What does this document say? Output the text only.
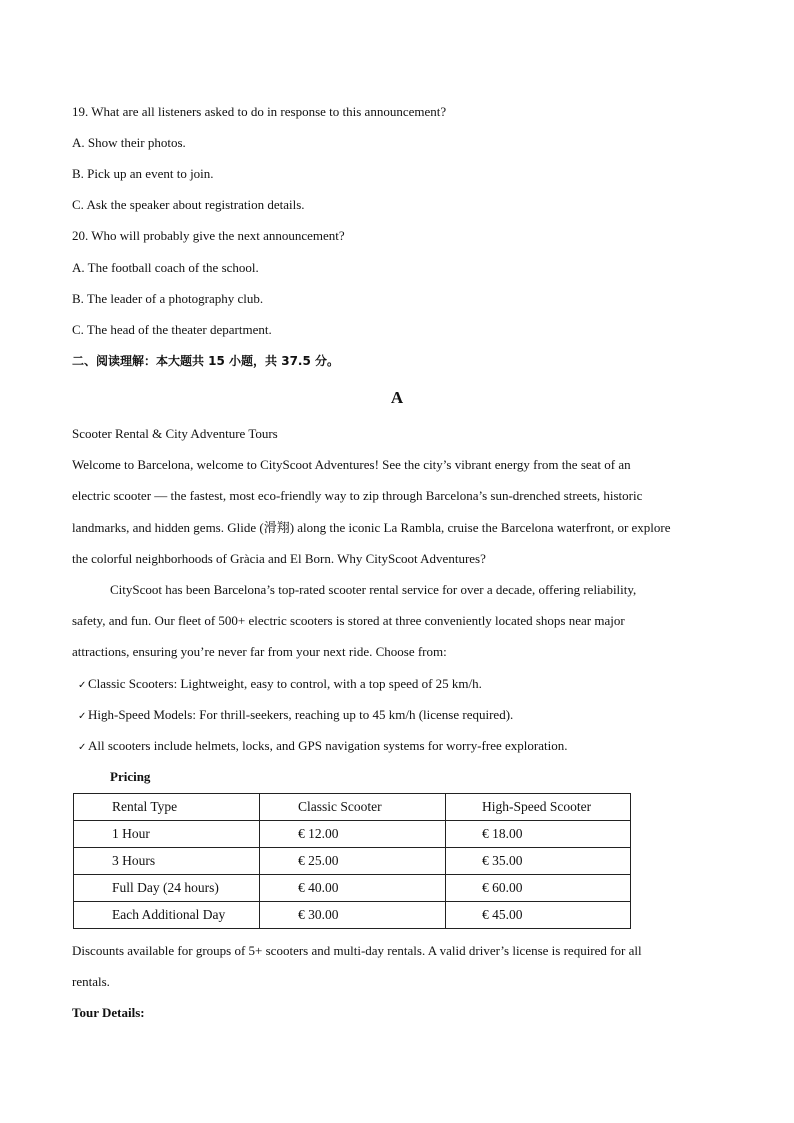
19. What are all listeners asked to do in response to this announcement?
A. Show their photos.
B. Pick up an event to join.
C. Ask the speaker about registration details.
20. Who will probably give the next announcement?
A. The football coach of the school.
B. The leader of a photography club.
C. The head of the theater department.
二、阅读理解：本大题共 15 小题，共 37.5 分。
A
Scooter Rental & City Adventure Tours
Welcome to Barcelona, welcome to CityScoot Adventures! See the city’s vibrant energy from the seat of an
electric scooter — the fastest, most eco-friendly way to zip through Barcelona’s sun-drenched streets, historic
landmarks, and hidden gems. Glide (滑翔) along the iconic La Rambla, cruise the Barcelona waterfront, or explore
the colorful neighborhoods of Gràcia and El Born. Why CityScoot Adventures?
CityScoot has been Barcelona’s top-rated scooter rental service for over a decade, offering reliability,
safety, and fun. Our fleet of 500+ electric scooters is stored at three conveniently located shops near major
attractions, ensuring you’re never far from your next ride. Choose from:
✓ Classic Scooters: Lightweight, easy to control, with a top speed of 25 km/h.
✓ High-Speed Models: For thrill-seekers, reaching up to 45 km/h (license required).
✓ All scooters include helmets, locks, and GPS navigation systems for worry-free exploration.
Pricing
Rental Type	Classic Scooter	High-Speed Scooter
1 Hour	€ 12.00	€ 18.00
3 Hours	€ 25.00	€ 35.00
Full Day (24 hours)	€ 40.00	€ 60.00
Each Additional Day	€ 30.00	€ 45.00
Discounts available for groups of 5+ scooters and multi-day rentals. A valid driver’s license is required for all
rentals.
Tour Details:
